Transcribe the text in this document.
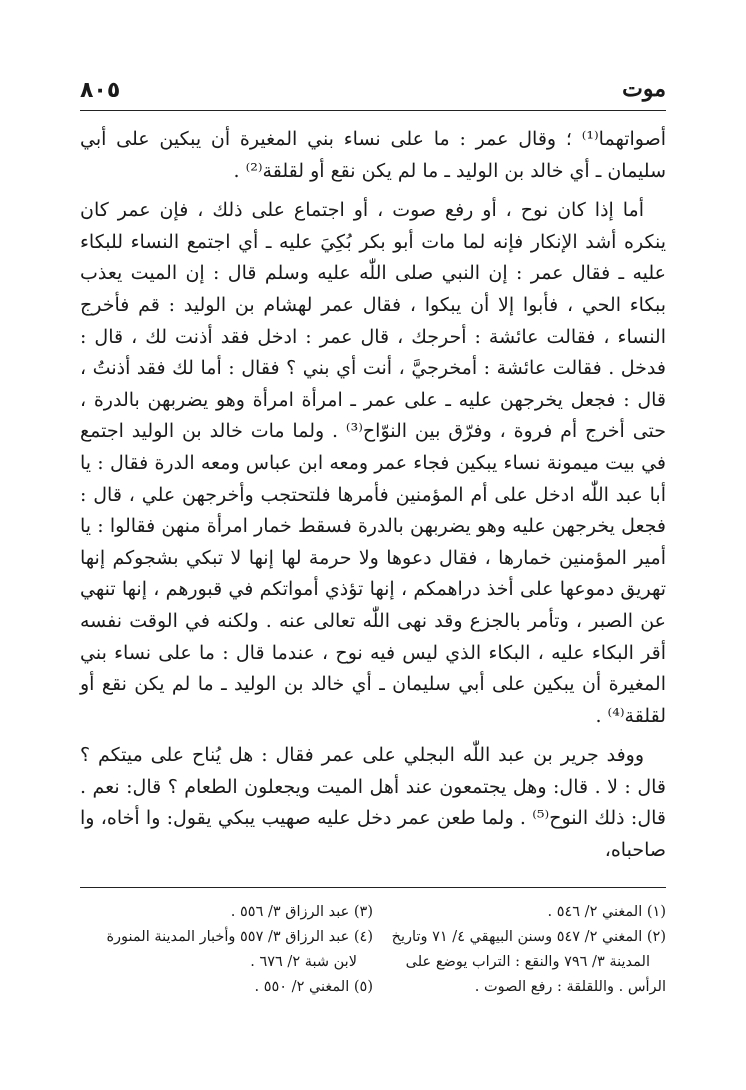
٨٠٥	موت

أصواتهما⁽¹⁾ ؛ وقال عمر : ما على نساء بني المغيرة أن يبكين على أبي سليمان ـ أي خالد بن الوليد ـ ما لم يكن نقع أو لقلقة⁽²⁾ .

أما إذا كان نوح ، أو رفع صوت ، أو اجتماع على ذلك ، فإن عمر كان ينكره أشد الإنكار فإنه لما مات أبو بكر بُكِيَ عليه ـ أي اجتمع النساء للبكاء عليه ـ فقال عمر : إن النبي صلى اللّٰه عليه وسلم قال : إن الميت يعذب ببكاء الحي ، فأبوا إلا أن يبكوا ، فقال عمر لهشام بن الوليد : قم فأخرج النساء ، فقالت عائشة : أحرجك ، قال عمر : ادخل فقد أذنت لك ، قال : فدخل . فقالت عائشة : أمخرجيَّ ، أنت أي بني ؟ فقال : أما لك فقد أذنتُ ، قال : فجعل يخرجهن عليه ـ على عمر ـ امرأة امرأة وهو يضربهن بالدرة ، حتى أخرج أم فروة ، وفرّق بين النوّاح⁽³⁾ . ولما مات خالد بن الوليد اجتمع في بيت ميمونة نساء يبكين فجاء عمر ومعه ابن عباس ومعه الدرة فقال : يا أبا عبد اللّٰه ادخل على أم المؤمنين فأمرها فلتحتجب وأخرجهن علي ، قال : فجعل يخرجهن عليه وهو يضربهن بالدرة فسقط خمار امرأة منهن فقالوا : يا أمير المؤمنين خمارها ، فقال دعوها ولا حرمة لها إنها لا تبكي بشجوكم إنها تهريق دموعها على أخذ دراهمكم ، إنها تؤذي أمواتكم في قبورهم ، إنها تنهي عن الصبر ، وتأمر بالجزع وقد نهى اللّٰه تعالى عنه . ولكنه في الوقت نفسه أقر البكاء عليه ، البكاء الذي ليس فيه نوح ، عندما قال : ما على نساء بني المغيرة أن يبكين على أبي سليمان ـ أي خالد بن الوليد ـ ما لم يكن نقع أو لقلقة⁽⁴⁾ .

ووفد جرير بن عبد اللّٰه البجلي على عمر فقال : هل يُناح على ميتكم ؟ قال : لا . قال: وهل يجتمعون عند أهل الميت ويجعلون الطعام ؟ قال: نعم . قال: ذلك النوح⁽⁵⁾ . ولما طعن عمر دخل عليه صهيب يبكي يقول: وا أخاه، وا صاحباه،

(١) المغني ٢/ ٥٤٦ .

(٢) المغني ٢/ ٥٤٧ وسنن البيهقي ٤/ ٧١ وتاريخ

المدينة ٣/ ٧٩٦ والنقع : التراب يوضع على

الرأس . واللقلقة : رفع الصوت .

(٣) عبد الرزاق ٣/ ٥٥٦ .

(٤) عبد الرزاق ٣/ ٥٥٧ وأخبار المدينة المنورة

لابن شبة ٢/ ٦٧٦ .

(٥) المغني ٢/ ٥٥٠ .
